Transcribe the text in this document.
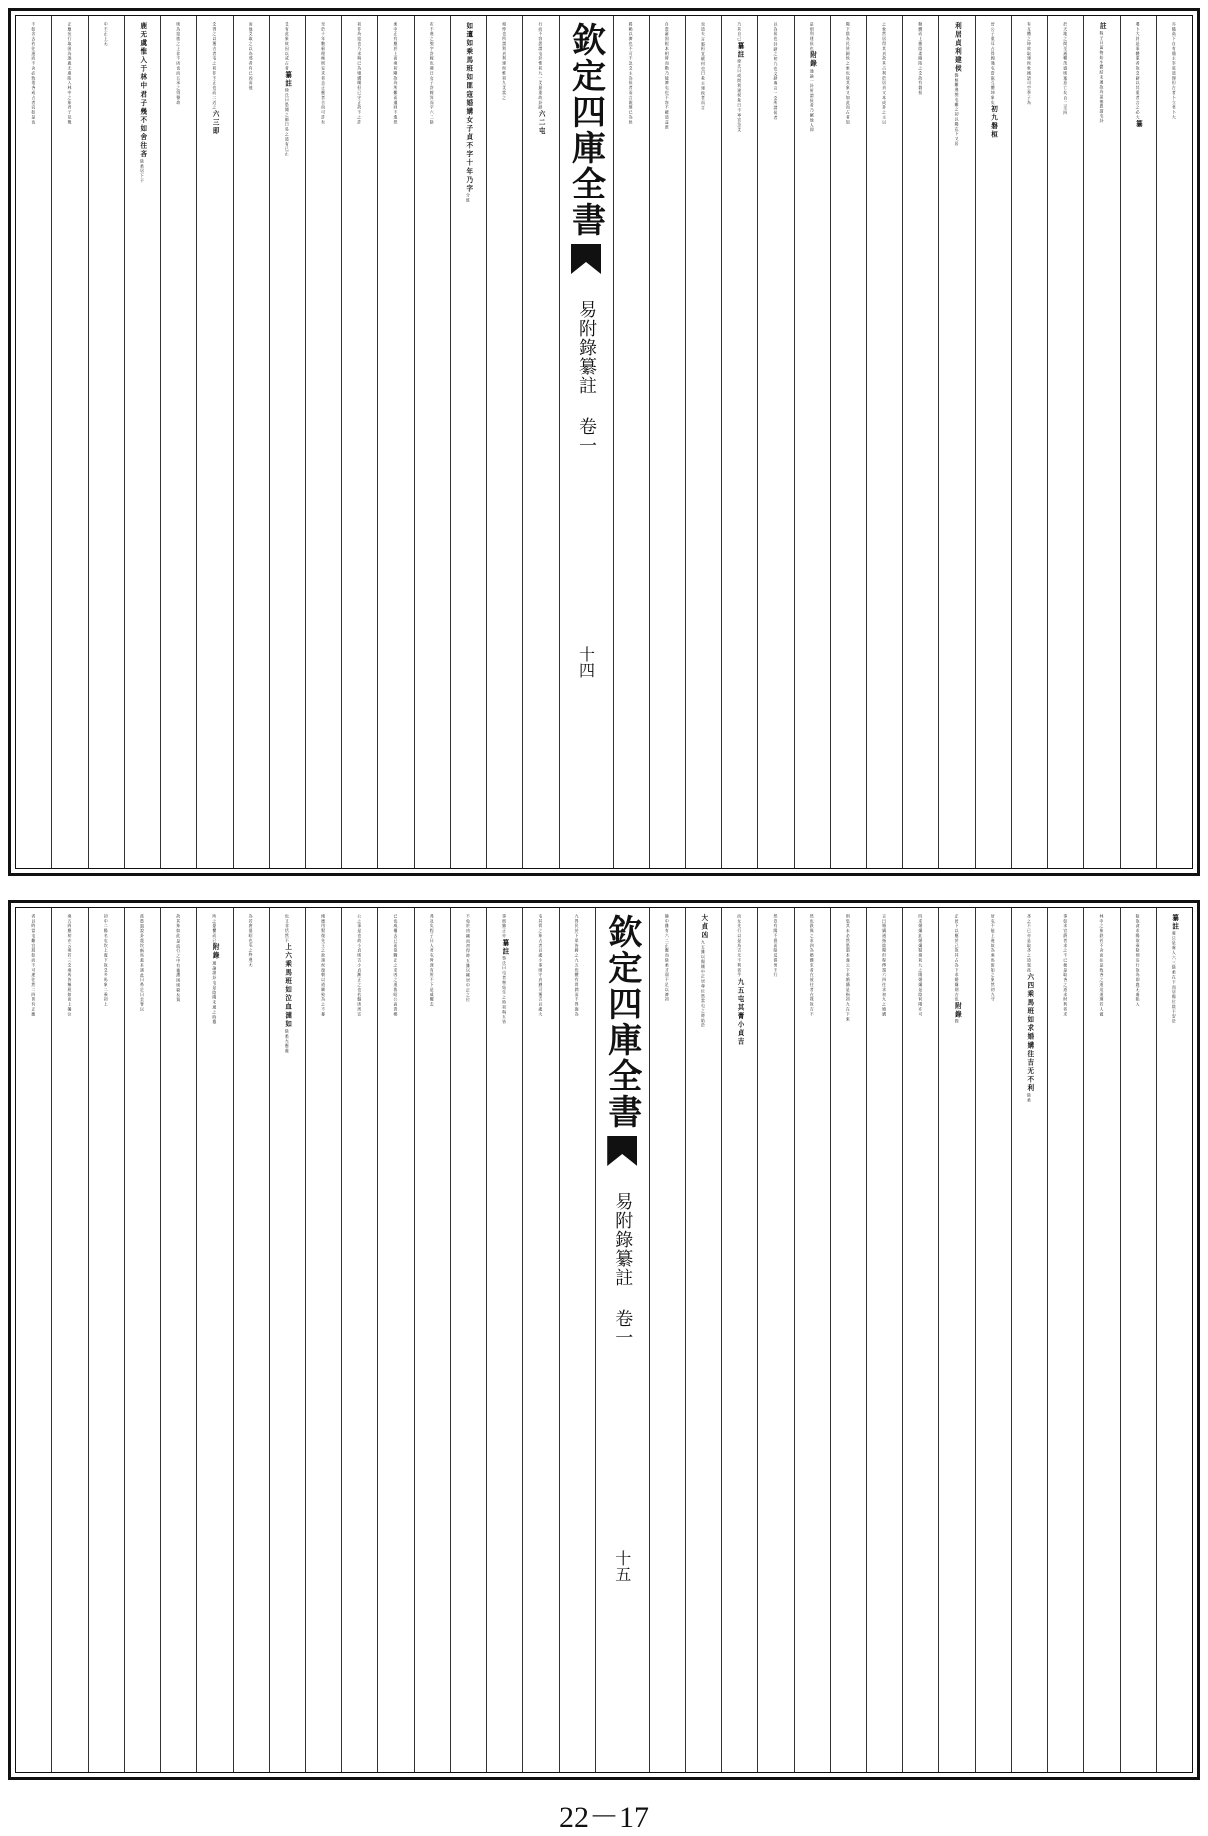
亦隨高下自有簡主宰底道理但古者卜立君卜大
遷卜大封是事體重者故爻辭以其重者言之必大
纂
註
程子曰萬物始生鬱結未通故為盈塞
愚謂屯卦
於天地之間至通暢茂盛則塞意亡矣
自二至四
有互體之坤故取建侯象國語司空季子為
晉公子重耳占得國遇屯當取互體坤象矣
初九磐桓
利居貞利建侯
磐桓難進貌屯難之初以陽在下又居
動體而上應陰柔險陷之爻故有磐桓
之象然居得其貞故其占利於居貞又本成卦之主以
陽下陰為民所歸侯之象也故其象又如此而占者如
是則利建侯也
附錄
通論一卦所謂侯者乃屬他人即
以為侯也
卦辭之初九也文辭專言一爻所謂侯者
乃其自己
纂註
徐氏曰或問利建侯彖曰不寧宜急爻
也道夫
言磐桓宜緩何也曰彖主建侯者而言
自當審固根本相時而動乃能濟屯也不容不緩道益淮
將賴以濟也不可不急爻主為侯者而言既建已為侯
欽定四庫全書
易附錄纂註 卷一
十四
行而不容愚謂屯卦惟初九一爻最重故卦辭
六二屯
相悖也所謂利貞利建侯惟初九爻當之
如邅如乘馬班如匪寇婚媾女子貞不字十年乃字
分班
布不進之貌字許嫁也禮曰女子許嫁笄而字六二陰
柔中正有應於上而乘初剛故為所難而邅回不進然
初非為寇也乃求與已為婚媾爾但已守正故不之許
至於十年數窮理極則妄求者去正應者合而可許矣
爻有此象故因以戒占者
纂註
徐氏曰愚聞之師曰易之道有已正
而他爻取之以為邪者有已凶而他
爻得之以獲吉者屯之初非不正也而二近之
六三即
則為寇旅之上非不凶也而五承之得譽命
鹿无虞惟入于林中君子幾不如舍往吝
陰柔居下不
中不正上无
正應妄行取困為逐鹿无虞陷入林中之象君子見幾
不如舍去若往逐而不舍必致羞吝戒占者宜如是也
纂註
虞只是虞人六三陰柔在下而居陽位陰不安於
陰故貪求陽欲乘陰則妄行故為即鹿无虞陷入
林中之象鉄若不舍而往是致吝之道這道理若人做
事如求官爵者求之不已便是取吝之道求財利者求
吝之不已亦是取吝之道賀孫
六四乘馬班如求婚媾往吉无不利
陰柔
居屯不能上進故為乘馬班如之象然初九守
正居下以應於己故其占為下求婚媾則吉也
附錄
問
四求婚媾此婚媾疑指初九之陽婚媾是陰何陽亦可
言曰婚媾通指陰陽但程傳謂六四往求初九之婚媾
則恐其未必然愚謂本義云下求婚媾是指初九在下來
然也鉄與之求四為婚媾求者在彼往者在我故吉不
然豈有陽不倡而陰反倡男不行
而女先行以是為吉无不利者乎
九五屯其膏小貞吉
大貞凶
九五雖以陽剛中正居尊位然當屯之時陷於
險中雖有六二正應而陰柔才弱不足以濟初
欽定四庫全書
易附錄纂註 卷一
十五
九得民於下眾皆歸之九五坎體有膏潤而不得施為
屯其膏之象占者以處小事則守貞猶可獲吉以處大
事則雖正亦
纂註
蔡氏曰屯者物始生之時初與五皆
不免於凶
剛而初得時五雖以剛居中正之位
弗及矣程子曰人君屯膏澤有所不下是威權去
已也威權去已而欲驟正之求凶之道魯昭公高貴鄉
公之事是也故小貞則吉小貞漸正之也若盤庚周宣
脩德用賢復先王之政諸侯復朝以道馴致為之不暴
也又非恬然不
上六乘馬班如泣血漣如
陰柔无應處
為若唐僖昭也
屯之終進无
所之憂懼而已
附錄
通論諸卦屯是陰陽未通之時蹇
故其象如此
是流行之中有蹇滯困則窮矣賀
孫
愚謂說卦震坎稱馬蓋本諸此曰鼻足曰美脊以
初中二陽名屯坎上震下故爻多馬象二乘初上
乘五四應初亦云乘若三爻乘馬皆稱班如而上獨泣
者以時當屯難宜班如而不可速往然二四皆有正應
22－17
